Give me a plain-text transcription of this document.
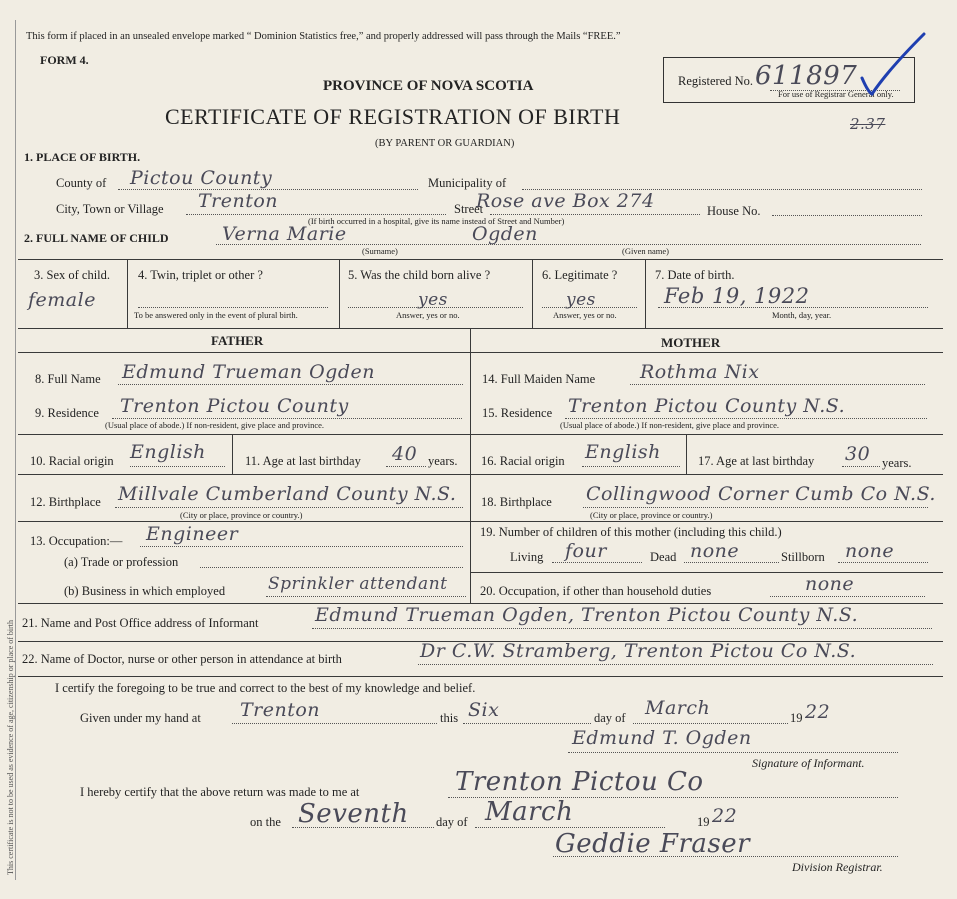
This certificate is not to be used as evidence of age, citizenship or place of birth
This form if placed in an unsealed envelope marked “ Dominion Statistics free,” and properly addressed will pass through the Mails “FREE.”
FORM 4.
PROVINCE OF NOVA SCOTIA
CERTIFICATE OF REGISTRATION OF BIRTH
(BY PARENT OR GUARDIAN)
Registered No. 611897
For use of Registrar General only.
2.37
1. PLACE OF BIRTH.
County of Pictou County	Municipality of
City, Town or Village Trenton	Street
Rose ave Box 274	House No.
(If birth occurred in a hospital, give its name instead of Street and Number)
2. FULL NAME OF CHILD	Verna Marie	Ogden
(Surname)	(Given name)
3. Sex of child.
female
4. Twin, triplet or other ?
To be answered only in the event of plural birth.
5. Was the child born alive ?
yes
Answer, yes or no.
6. Legitimate ?
yes
Answer, yes or no.
7. Date of birth.
Feb 19, 1922
Month, day, year.
FATHER	MOTHER
8. Full Name Edmund Trueman Ogden
9. Residence Trenton Pictou County
(Usual place of abode.) If non-resident, give place and province.
10. Racial origin English	11. Age at last birthday 40 years.
12. Birthplace Millvale Cumberland County N.S.
(City or place, province or country.)
13. Occupation:— Engineer
(a) Trade or profession
(b) Business in which employed	Sprinkler attendant
14. Full Maiden Name Rothma Nix
15. Residence Trenton Pictou County N.S.
(Usual place of abode.) If non-resident, give place and province.
16. Racial origin English	17. Age at last birthday 30 years.
18. Birthplace Collingwood Corner Cumb Co N.S.
(City or place, province or country.)
19. Number of children of this mother (including this child.)
Living four	Dead none	Stillborn none
20. Occupation, if other than household duties	none
21. Name and Post Office address of Informant	Edmund Trueman Ogden, Trenton Pictou County N.S.
22. Name of Doctor, nurse or other person in attendance at birth	Dr C.W. Stramberg, Trenton Pictou Co N.S.
I certify the foregoing to be true and correct to the best of my knowledge and belief.
Given under my hand at Trenton	this Six	day of March	19 22
Edmund T. Ogden
Signature of Informant.
I hereby certify that the above return was made to me at	Trenton Pictou Co
on the Seventh day of March	19 22
Geddie Fraser
Division Registrar.
